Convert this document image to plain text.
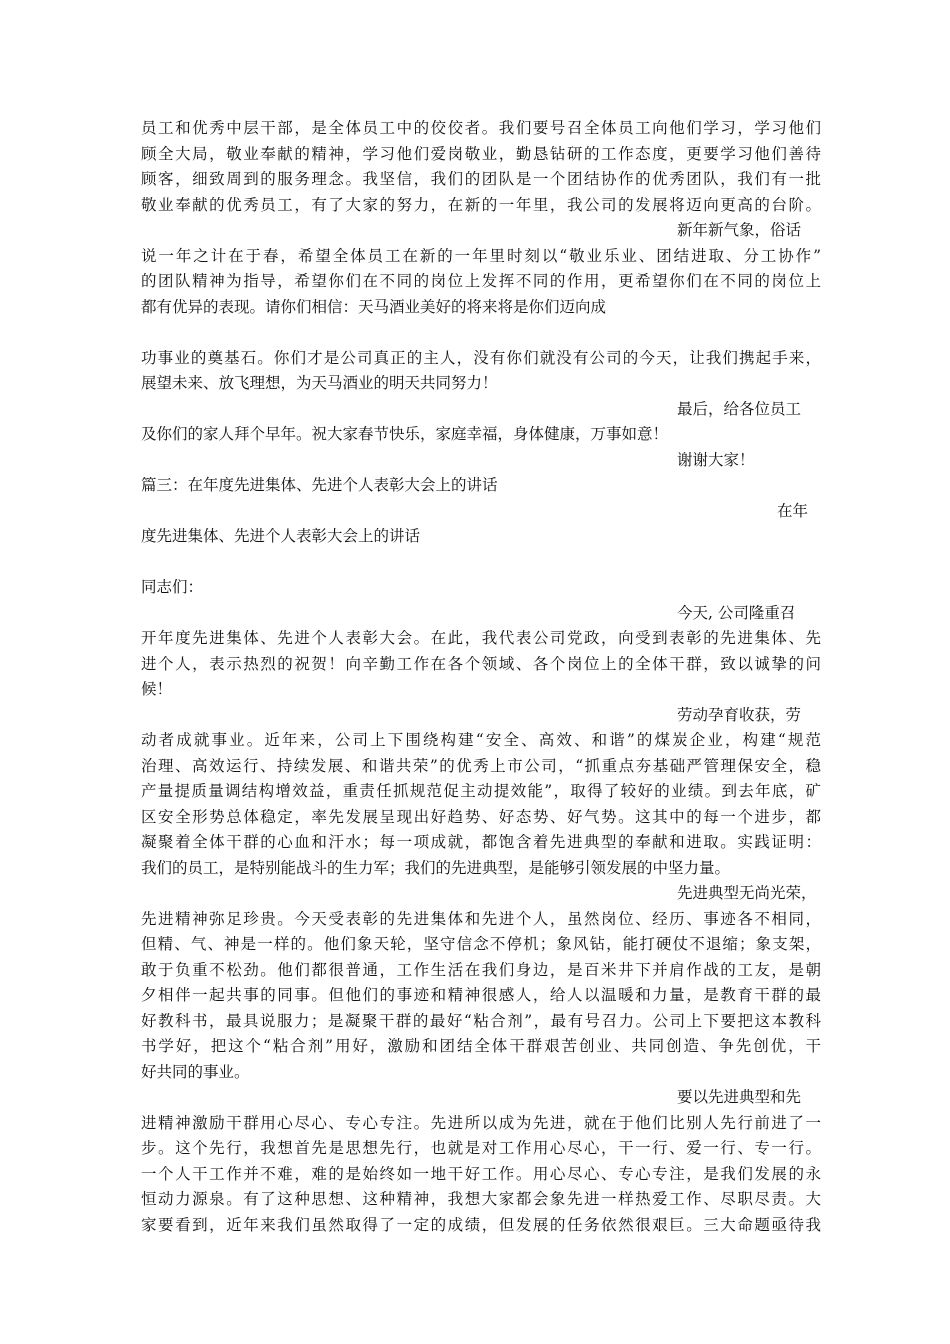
员工和优秀中层干部，是全体员工中的佼佼者。我们要号召全体员工向他们学习，学习他们
顾全大局，敬业奉献的精神，学习他们爱岗敬业，勤恳钻研的工作态度，更要学习他们善待
顾客，细致周到的服务理念。我坚信，我们的团队是一个团结协作的优秀团队，我们有一批
敬业奉献的优秀员工，有了大家的努力，在新的一年里，我公司的发展将迈向更高的台阶。
新年新气象，俗话
说一年之计在于春，希望全体员工在新的一年里时刻以“敬业乐业、团结进取、分工协作”
的团队精神为指导，希望你们在不同的岗位上发挥不同的作用，更希望你们在不同的岗位上
都有优异的表现。请你们相信：天马酒业美好的将来将是你们迈向成
功事业的奠基石。你们才是公司真正的主人，没有你们就没有公司的今天，让我们携起手来，
展望未来、放飞理想，为天马酒业的明天共同努力！
最后，给各位员工
及你们的家人拜个早年。祝大家春节快乐，家庭幸福，身体健康，万事如意！
谢谢大家！
篇三：在年度先进集体、先进个人表彰大会上的讲话
在年
度先进集体、先进个人表彰大会上的讲话
同志们：
今天, 公司隆重召
开年度先进集体、先进个人表彰大会。在此，我代表公司党政，向受到表彰的先进集体、先
进个人，表示热烈的祝贺！向辛勤工作在各个领域、各个岗位上的全体干群，致以诚挚的问
候！
劳动孕育收获，劳
动者成就事业。近年来，公司上下围绕构建“安全、高效、和谐”的煤炭企业，构建“规范
治理、高效运行、持续发展、和谐共荣”的优秀上市公司，“抓重点夯基础严管理保安全，稳
产量提质量调结构增效益，重责任抓规范促主动提效能”，取得了较好的业绩。到去年底，矿
区安全形势总体稳定，率先发展呈现出好趋势、好态势、好气势。这其中的每一个进步，都
凝聚着全体干群的心血和汗水；每一项成就，都饱含着先进典型的奉献和进取。实践证明：
我们的员工，是特别能战斗的生力军；我们的先进典型，是能够引领发展的中坚力量。
先进典型无尚光荣，
先进精神弥足珍贵。今天受表彰的先进集体和先进个人，虽然岗位、经历、事迹各不相同，
但精、气、神是一样的。他们象天轮，坚守信念不停机；象风钻，能打硬仗不退缩；象支架，
敢于负重不松劲。他们都很普通，工作生活在我们身边，是百米井下并肩作战的工友，是朝
夕相伴一起共事的同事。但他们的事迹和精神很感人，给人以温暖和力量，是教育干群的最
好教科书，最具说服力；是凝聚干群的最好“粘合剂”，最有号召力。公司上下要把这本教科
书学好，把这个“粘合剂”用好，激励和团结全体干群艰苦创业、共同创造、争先创优，干
好共同的事业。
要以先进典型和先
进精神激励干群用心尽心、专心专注。先进所以成为先进，就在于他们比别人先行前进了一
步。这个先行，我想首先是思想先行，也就是对工作用心尽心，干一行、爱一行、专一行。
一个人干工作并不难，难的是始终如一地干好工作。用心尽心、专心专注，是我们发展的永
恒动力源泉。有了这种思想、这种精神，我想大家都会象先进一样热爱工作、尽职尽责。大
家要看到，近年来我们虽然取得了一定的成绩，但发展的任务依然很艰巨。三大命题亟待我
